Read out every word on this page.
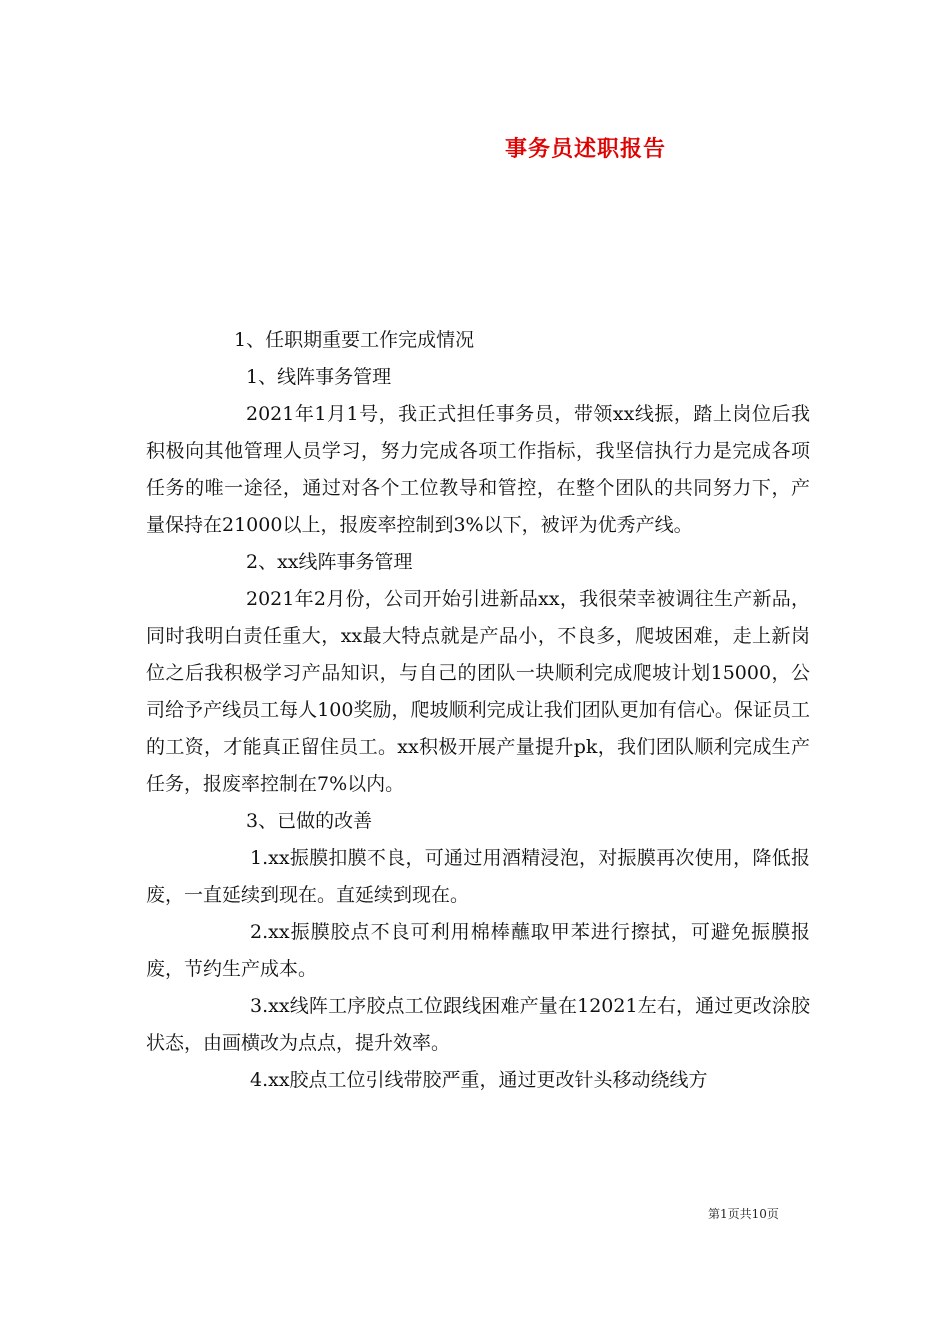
事务员述职报告

1、任职期重要工作完成情况

1、线阵事务管理

2021年1月1号，我正式担任事务员，带领xx线振，踏上岗位后我积极向其他管理人员学习，努力完成各项工作指标，我坚信执行力是完成各项任务的唯一途径，通过对各个工位教导和管控，在整个团队的共同努力下，产量保持在21000以上，报废率控制到3%以下，被评为优秀产线。

2、xx线阵事务管理

2021年2月份，公司开始引进新品xx，我很荣幸被调往生产新品，同时我明白责任重大，xx最大特点就是产品小，不良多，爬坡困难，走上新岗位之后我积极学习产品知识，与自己的团队一块顺利完成爬坡计划15000，公司给予产线员工每人100奖励，爬坡顺利完成让我们团队更加有信心。保证员工的工资，才能真正留住员工。xx积极开展产量提升pk，我们团队顺利完成生产任务，报废率控制在7%以内。

3、已做的改善

1.xx振膜扣膜不良，可通过用酒精浸泡，对振膜再次使用，降低报废，一直延续到现在。直延续到现在。

2.xx振膜胶点不良可利用棉棒蘸取甲苯进行擦拭，可避免振膜报废，节约生产成本。

3.xx线阵工序胶点工位跟线困难产量在12021左右，通过更改涂胶状态，由画横改为点点，提升效率。

4.xx胶点工位引线带胶严重，通过更改针头移动绕线方

第1页共10页
